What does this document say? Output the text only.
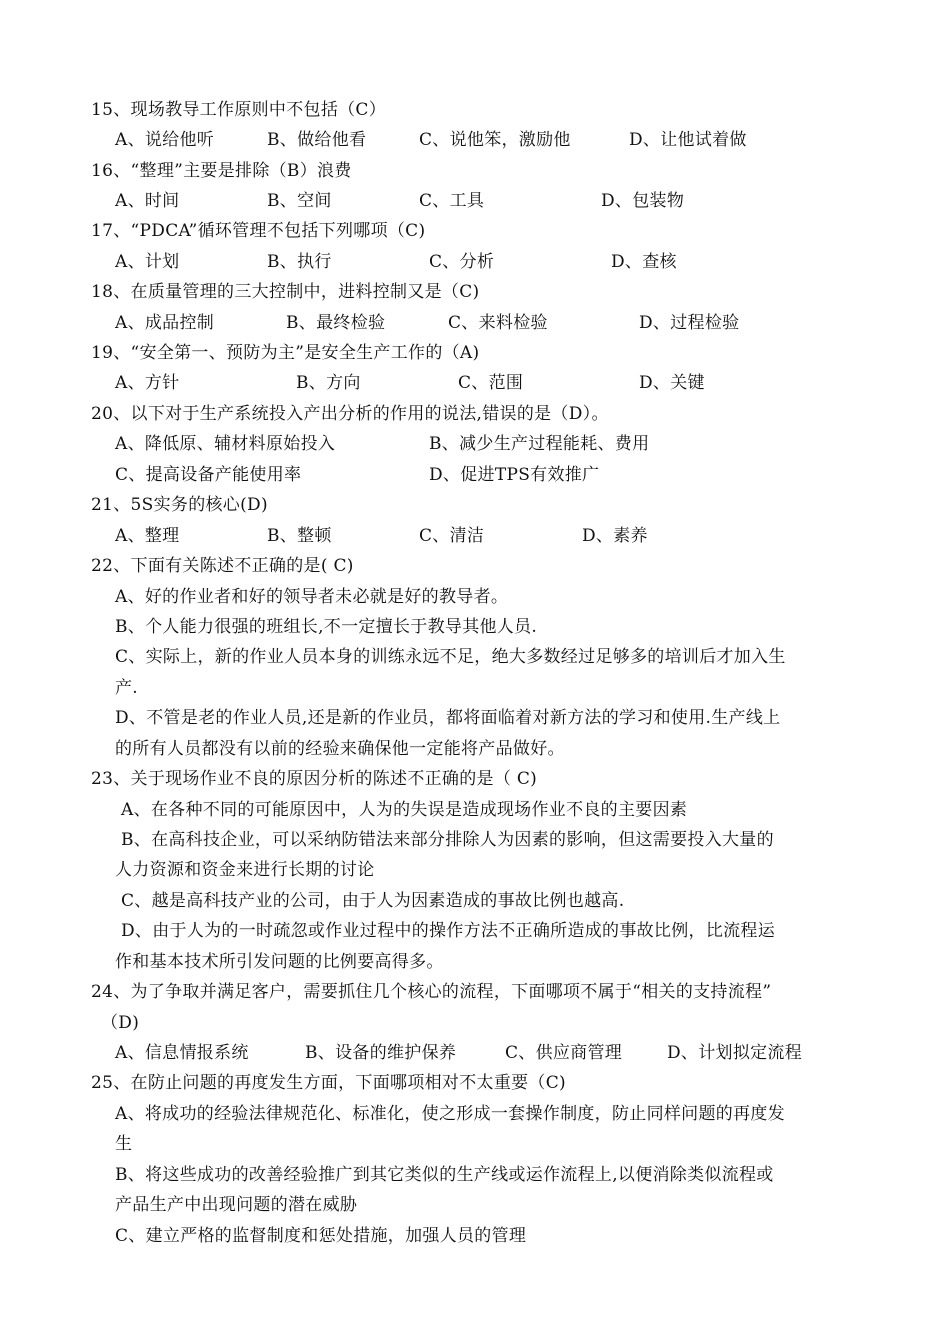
15、现场教导工作原则中不包括（C）
A、说给他听	B、做给他看	C、说他笨，激励他	D、让他试着做
16、“整理”主要是排除（B）浪费
A、时间	B、空间	C、工具	D、包装物
17、“PDCA”循环管理不包括下列哪项（C)
A、计划	B、执行	C、分析	D、查核
18、在质量管理的三大控制中，进料控制又是（C)
A、成品控制	B、最终检验	C、来料检验	D、过程检验
19、“安全第一、预防为主”是安全生产工作的（A)
A、方针	B、方向	C、范围	D、关键
20、以下对于生产系统投入产出分析的作用的说法,错误的是（D）。
A、降低原、辅材料原始投入	B、减少生产过程能耗、费用
C、提高设备产能使用率	D、促进TPS有效推广
21、5S实务的核心(D)
A、整理	B、整顿	C、清洁	D、素养
22、下面有关陈述不正确的是( C)
A、好的作业者和好的领导者未必就是好的教导者。
B、个人能力很强的班组长,不一定擅长于教导其他人员.
C、实际上，新的作业人员本身的训练永远不足，绝大多数经过足够多的培训后才加入生
产.
D、不管是老的作业人员,还是新的作业员，都将面临着对新方法的学习和使用.生产线上
的所有人员都没有以前的经验来确保他一定能将产品做好。
23、关于现场作业不良的原因分析的陈述不正确的是（ C)
A、在各种不同的可能原因中，人为的失误是造成现场作业不良的主要因素
B、在高科技企业，可以采纳防错法来部分排除人为因素的影响，但这需要投入大量的
人力资源和资金来进行长期的讨论
C、越是高科技产业的公司，由于人为因素造成的事故比例也越高.
D、由于人为的一时疏忽或作业过程中的操作方法不正确所造成的事故比例，比流程运
作和基本技术所引发问题的比例要高得多。
24、为了争取并满足客户，需要抓住几个核心的流程，下面哪项不属于“相关的支持流程”
（D)
A、信息情报系统	B、设备的维护保养	C、供应商管理	D、计划拟定流程
25、在防止问题的再度发生方面，下面哪项相对不太重要（C)
A、将成功的经验法律规范化、标准化，使之形成一套操作制度，防止同样问题的再度发
生
B、将这些成功的改善经验推广到其它类似的生产线或运作流程上,以便消除类似流程或
产品生产中出现问题的潜在威胁
C、建立严格的监督制度和惩处措施，加强人员的管理
